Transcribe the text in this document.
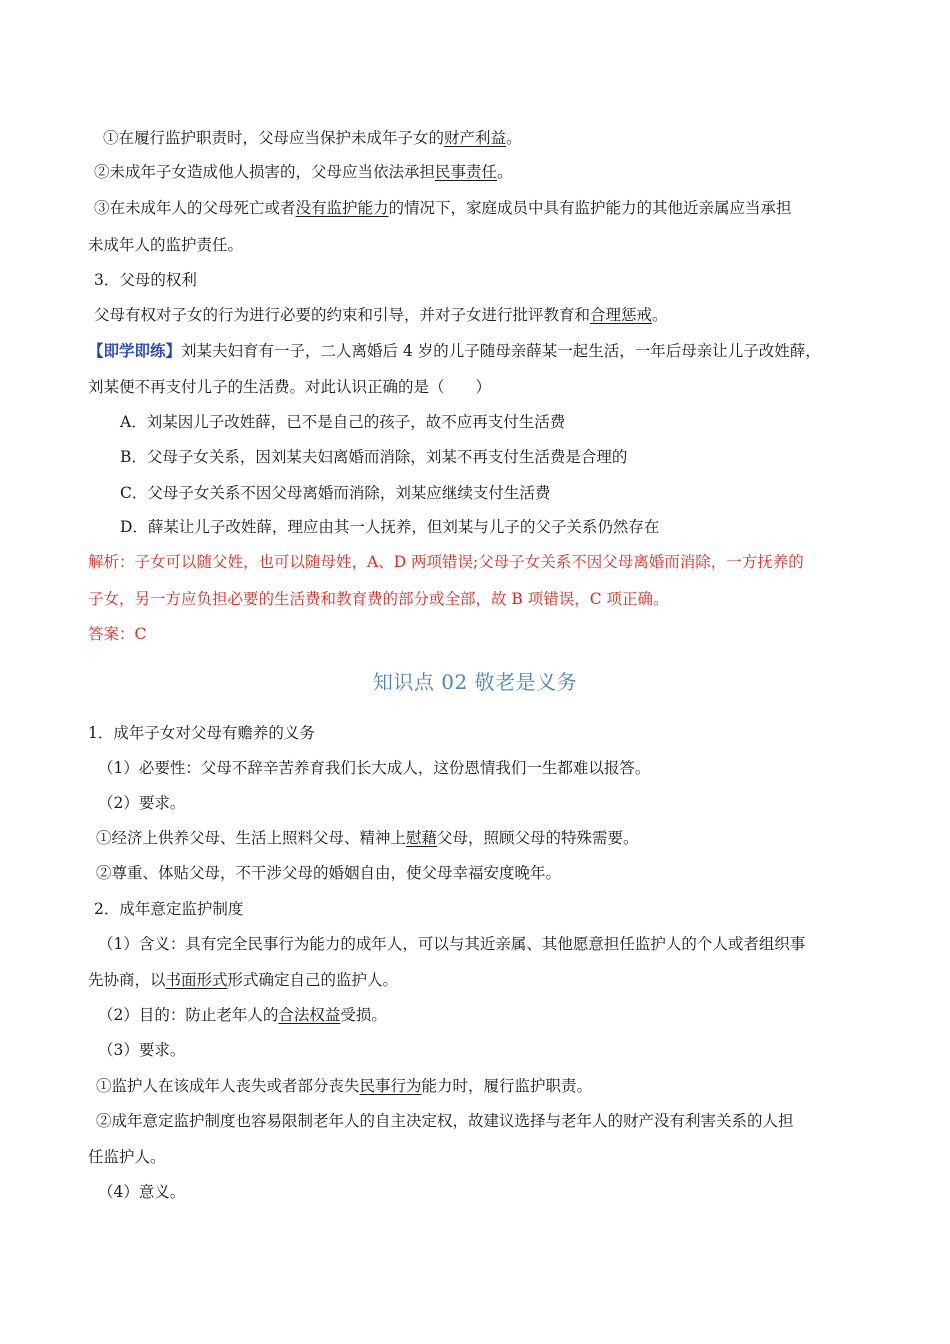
①在履行监护职责时，父母应当保护未成年子女的财产利益。
②未成年子女造成他人损害的，父母应当依法承担民事责任。
③在未成年人的父母死亡或者没有监护能力的情况下，家庭成员中具有监护能力的其他近亲属应当承担
未成年人的监护责任。
3．父母的权利
父母有权对子女的行为进行必要的约束和引导，并对子女进行批评教育和合理惩戒。
【即学即练】刘某夫妇育有一子，二人离婚后 4 岁的儿子随母亲薛某一起生活，一年后母亲让儿子改姓薛，
刘某便不再支付儿子的生活费。对此认识正确的是（　　）
A．刘某因儿子改姓薛，已不是自己的孩子，故不应再支付生活费
B．父母子女关系，因刘某夫妇离婚而消除，刘某不再支付生活费是合理的
C．父母子女关系不因父母离婚而消除，刘某应继续支付生活费
D．薛某让儿子改姓薛，理应由其一人抚养，但刘某与儿子的父子关系仍然存在
解析：子女可以随父姓，也可以随母姓，A、D 两项错误;父母子女关系不因父母离婚而消除，一方抚养的
子女，另一方应负担必要的生活费和教育费的部分或全部，故 B 项错误，C 项正确。
答案：C
知识点 02 敬老是义务
1．成年子女对父母有赡养的义务
（1）必要性：父母不辞辛苦养育我们长大成人，这份恩情我们一生都难以报答。
（2）要求。
①经济上供养父母、生活上照料父母、精神上慰藉父母，照顾父母的特殊需要。
②尊重、体贴父母，不干涉父母的婚姻自由，使父母幸福安度晚年。
2．成年意定监护制度
（1）含义：具有完全民事行为能力的成年人，可以与其近亲属、其他愿意担任监护人的个人或者组织事
先协商，以书面形式形式确定自己的监护人。
（2）目的：防止老年人的合法权益受损。
（3）要求。
①监护人在该成年人丧失或者部分丧失民事行为能力时，履行监护职责。
②成年意定监护制度也容易限制老年人的自主决定权，故建议选择与老年人的财产没有利害关系的人担
任监护人。
（4）意义。
